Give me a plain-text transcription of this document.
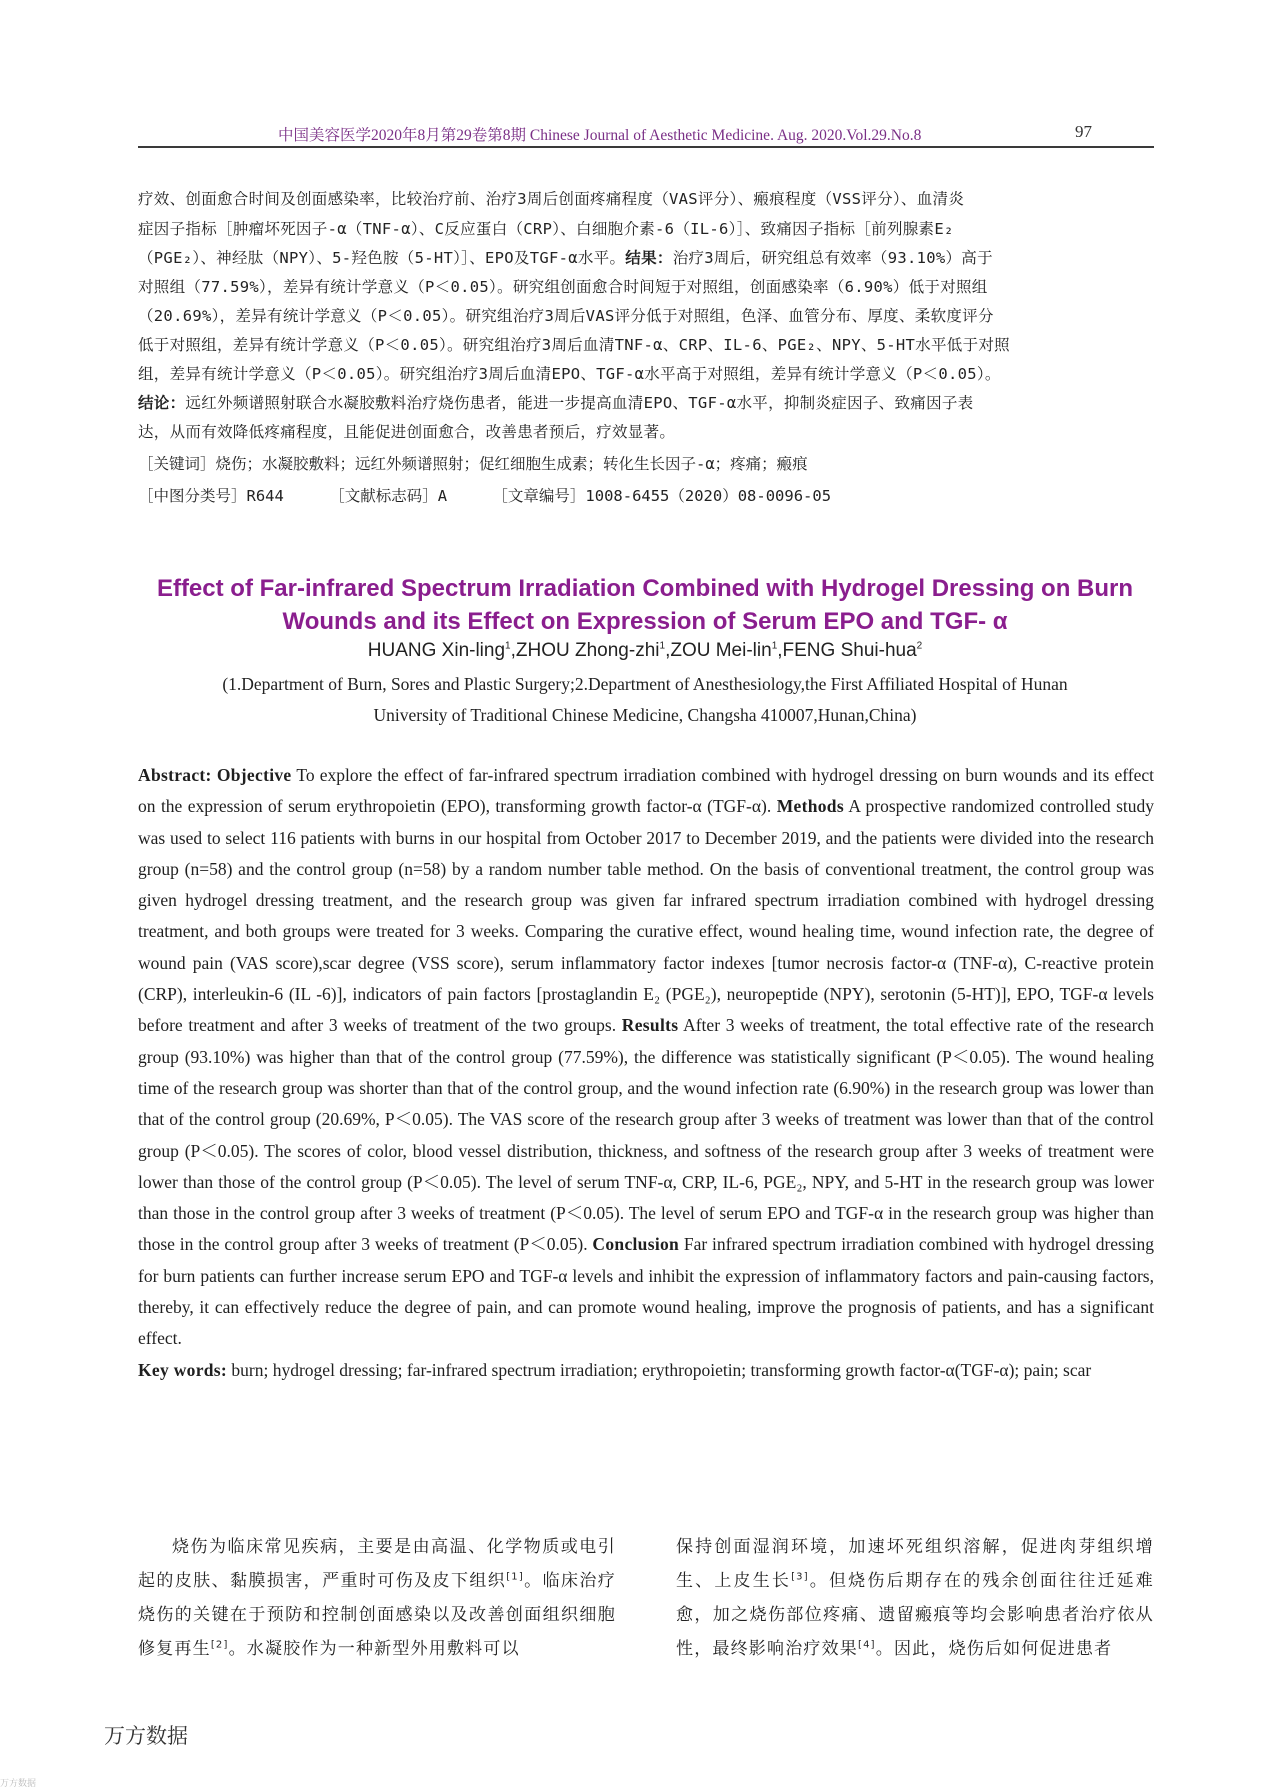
中国美容医学2020年8月第29卷第8期 Chinese Journal of Aesthetic Medicine. Aug. 2020.Vol.29.No.8	97
疗效、创面愈合时间及创面感染率，比较治疗前、治疗3周后创面疼痛程度（VAS评分）、瘢痕程度（VSS评分）、血清炎
症因子指标［肿瘤坏死因子-α（TNF-α）、C反应蛋白（CRP）、白细胞介素-6（IL-6）］、致痛因子指标［前列腺素E₂
（PGE₂）、神经肽（NPY）、5-羟色胺（5-HT）］、EPO及TGF-α水平。结果：治疗3周后，研究组总有效率（93.10%）高于
对照组（77.59%），差异有统计学意义（P＜0.05）。研究组创面愈合时间短于对照组，创面感染率（6.90%）低于对照组
（20.69%），差异有统计学意义（P＜0.05）。研究组治疗3周后VAS评分低于对照组，色泽、血管分布、厚度、柔软度评分
低于对照组，差异有统计学意义（P＜0.05）。研究组治疗3周后血清TNF-α、CRP、IL-6、PGE₂、NPY、5-HT水平低于对照
组，差异有统计学意义（P＜0.05）。研究组治疗3周后血清EPO、TGF-α水平高于对照组，差异有统计学意义（P＜0.05）。
结论：远红外频谱照射联合水凝胶敷料治疗烧伤患者，能进一步提高血清EPO、TGF-α水平，抑制炎症因子、致痛因子表
达，从而有效降低疼痛程度，且能促进创面愈合，改善患者预后，疗效显著。
［关键词］烧伤；水凝胶敷料；远红外频谱照射；促红细胞生成素；转化生长因子-α；疼痛；瘢痕
［中图分类号］R644	［文献标志码］A	［文章编号］1008-6455（2020）08-0096-05
Effect of Far-infrared Spectrum Irradiation Combined with Hydrogel Dressing on Burn
Wounds and its Effect on Expression of Serum EPO and TGF- α
HUANG Xin-ling$^1$,ZHOU Zhong-zhi$^1$,ZOU Mei-lin$^1$,FENG Shui-hua$^2$
(1.Department of Burn, Sores and Plastic Surgery;2.Department of Anesthesiology,the First Affiliated Hospital of Hunan
University of Traditional Chinese Medicine, Changsha 410007,Hunan,China)
Abstract: Objective To explore the effect of far-infrared spectrum irradiation combined with hydrogel dressing on burn wounds and its effect on the expression of serum erythropoietin (EPO), transforming growth factor-α (TGF-α). Methods A prospective randomized controlled study was used to select 116 patients with burns in our hospital from October 2017 to December 2019, and the patients were divided into the research group (n=58) and the control group (n=58) by a random number table method. On the basis of conventional treatment, the control group was given hydrogel dressing treatment, and the research group was given far infrared spectrum irradiation combined with hydrogel dressing treatment, and both groups were treated for 3 weeks. Comparing the curative effect, wound healing time, wound infection rate, the degree of wound pain (VAS score),scar degree (VSS score), serum inflammatory factor indexes [tumor necrosis factor-α (TNF-α), C-reactive protein (CRP), interleukin-6 (IL -6)], indicators of pain factors [prostaglandin E₂ (PGE₂), neuropeptide (NPY), serotonin (5-HT)], EPO, TGF-α levels before treatment and after 3 weeks of treatment of the two groups. Results After 3 weeks of treatment, the total effective rate of the research group (93.10%) was higher than that of the control group (77.59%), the difference was statistically significant (P＜0.05). The wound healing time of the research group was shorter than that of the control group, and the wound infection rate (6.90%) in the research group was lower than that of the control group (20.69%, P＜0.05). The VAS score of the research group after 3 weeks of treatment was lower than that of the control group (P＜0.05). The scores of color, blood vessel distribution, thickness, and softness of the research group after 3 weeks of treatment were lower than those of the control group (P＜0.05). The level of serum TNF-α, CRP, IL-6, PGE₂, NPY, and 5-HT in the research group was lower than those in the control group after 3 weeks of treatment (P＜0.05). The level of serum EPO and TGF-α in the research group was higher than those in the control group after 3 weeks of treatment (P＜0.05). Conclusion Far infrared spectrum irradiation combined with hydrogel dressing for burn patients can further increase serum EPO and TGF-α levels and inhibit the expression of inflammatory factors and pain-causing factors, thereby, it can effectively reduce the degree of pain, and can promote wound healing, improve the prognosis of patients, and has a significant effect.
Key words: burn; hydrogel dressing; far-infrared spectrum irradiation; erythropoietin; transforming growth factor-α(TGF-α); pain; scar
烧伤为临床常见疾病，主要是由高温、化学物质或电引起的皮肤、黏膜损害，严重时可伤及皮下组织[1]。临床治疗烧伤的关键在于预防和控制创面感染以及改善创面组织细胞修复再生[2]。水凝胶作为一种新型外用敷料可以
保持创面湿润环境，加速坏死组织溶解，促进肉芽组织增生、上皮生长[3]。但烧伤后期存在的残余创面往往迁延难愈，加之烧伤部位疼痛、遗留瘢痕等均会影响患者治疗依从性，最终影响治疗效果[4]。因此，烧伤后如何促进患者
万方数据
万方数据
